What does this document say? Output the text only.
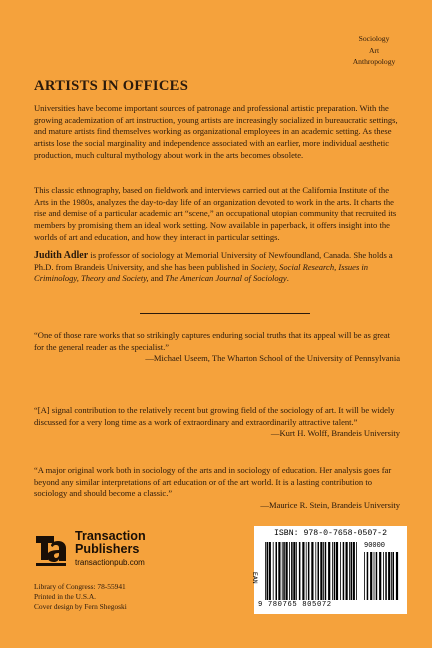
Sociology
Art
Anthropology
ARTISTS IN OFFICES

Universities have become important sources of patronage and professional artistic preparation. With the growing academization of art instruction, young artists are increasingly socialized in bureaucratic settings, and mature artists find themselves working as organizational employees in an academic setting. As these artists lose the social marginality and independence associated with an earlier, more individual aesthetic production, much cultural mythology about work in the arts becomes obsolete.

This classic ethnography, based on fieldwork and interviews carried out at the California Institute of the Arts in the 1980s, analyzes the day-to-day life of an organization devoted to work in the arts. It charts the rise and demise of a particular academic art “scene,” an occupational utopian community that recruited its members by promising them an ideal work setting. Now available in paperback, it offers insight into the worlds of art and education, and how they interact in particular settings.

Judith Adler is professor of sociology at Memorial University of Newfoundland, Canada. She holds a Ph.D. from Brandeis University, and she has been published in Society, Social Research, Issues in Criminology, Theory and Society, and The American Journal of Sociology.

“One of those rare works that so strikingly captures enduring social truths that its appeal will be as great for the general reader as the specialist.”
—Michael Useem, The Wharton School of the University of Pennsylvania

“[A] signal contribution to the relatively recent but growing field of the sociology of art. It will be widely discussed for a very long time as a work of extraordinary and extraordinarily attractive talent.”
—Kurt H. Wolff, Brandeis University

“A major original work both in sociology of the arts and in sociology of education. Her analysis goes far beyond any similar interpretations of art education or of the art world. It is a lasting contribution to sociology and should become a classic.”
—Maurice R. Stein, Brandeis University

Transaction
Publishers
transactionpub.com
Library of Congress: 78-55941
Printed in the U.S.A.
Cover design by Fern Shegoski
ISBN: 978-0-7658-0507-2
EAN
90000
9 780765 805072
